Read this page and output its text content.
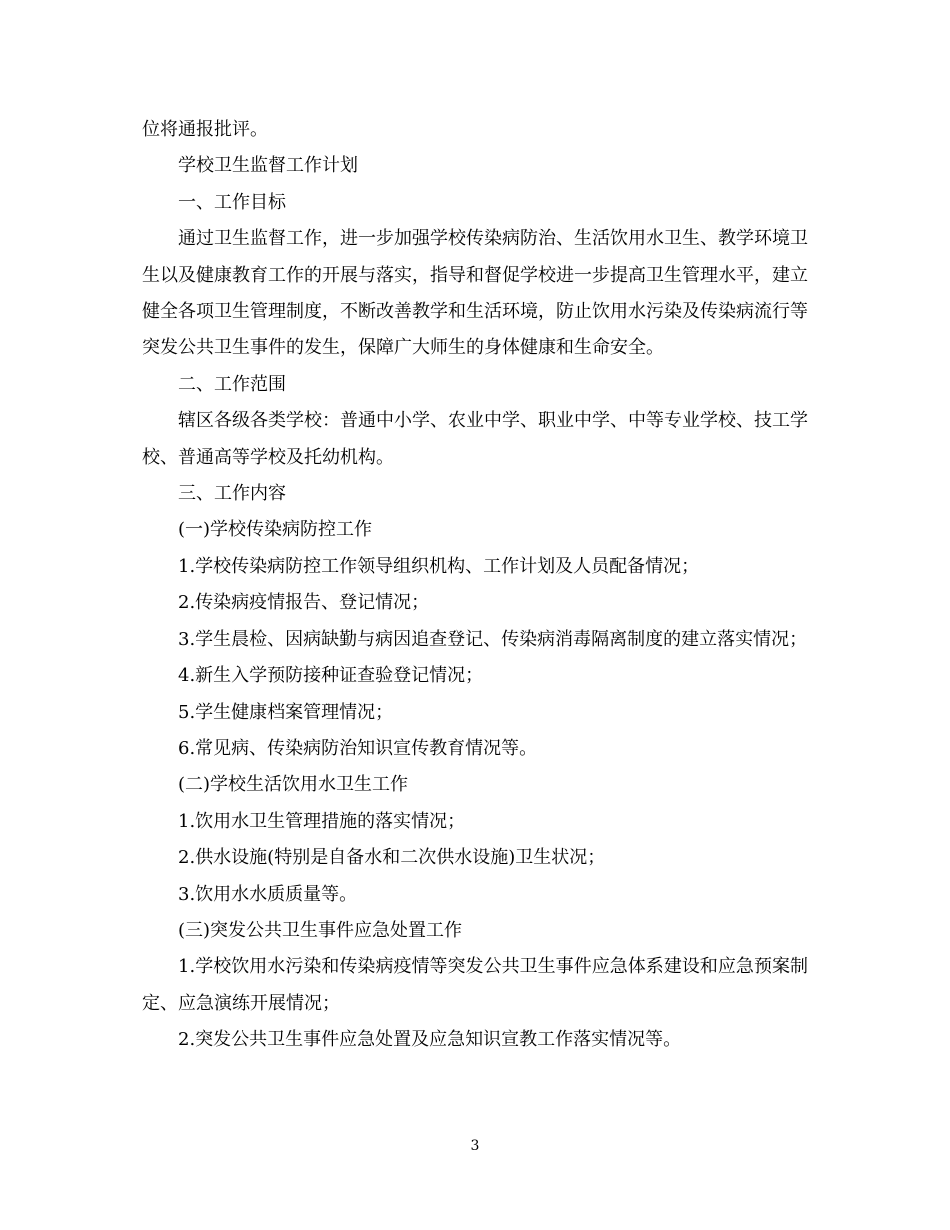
位将通报批评。

学校卫生监督工作计划

一、工作目标

通过卫生监督工作，进一步加强学校传染病防治、生活饮用水卫生、教学环境卫生以及健康教育工作的开展与落实，指导和督促学校进一步提高卫生管理水平，建立健全各项卫生管理制度，不断改善教学和生活环境，防止饮用水污染及传染病流行等突发公共卫生事件的发生，保障广大师生的身体健康和生命安全。

二、工作范围

辖区各级各类学校：普通中小学、农业中学、职业中学、中等专业学校、技工学校、普通高等学校及托幼机构。

三、工作内容

(一)学校传染病防控工作

1.学校传染病防控工作领导组织机构、工作计划及人员配备情况；

2.传染病疫情报告、登记情况；

3.学生晨检、因病缺勤与病因追查登记、传染病消毒隔离制度的建立落实情况；

4.新生入学预防接种证查验登记情况；

5.学生健康档案管理情况；

6.常见病、传染病防治知识宣传教育情况等。

(二)学校生活饮用水卫生工作

1.饮用水卫生管理措施的落实情况；

2.供水设施(特别是自备水和二次供水设施)卫生状况；

3.饮用水水质质量等。

(三)突发公共卫生事件应急处置工作

1.学校饮用水污染和传染病疫情等突发公共卫生事件应急体系建设和应急预案制定、应急演练开展情况；

2.突发公共卫生事件应急处置及应急知识宣教工作落实情况等。

3
